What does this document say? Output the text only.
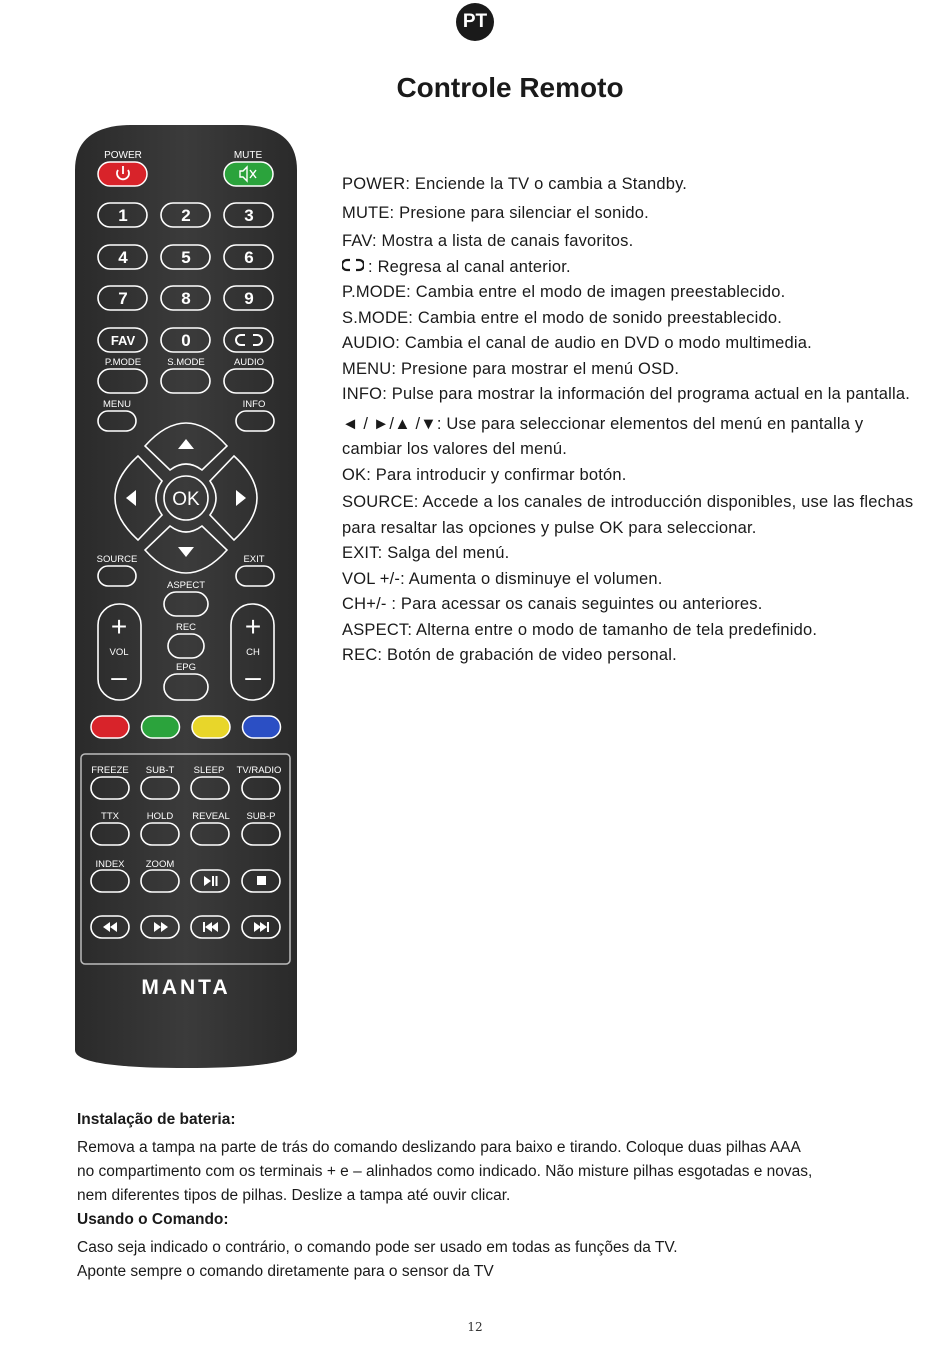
PT
Controle Remoto
POWER	MUTE
1	2	3
4	5	6
7	8	9
FAV	0
P.MODE	S.MODE	AUDIO
MENU	INFO
OK
SOURCE	EXIT
ASPECT
REC
EPG
+	+
–	–
VOL	CH
FREEZE SUB-T SLEEP TV/RADIO
TTX	HOLD REVEAL SUB-P
INDEX ZOOM
MANTA

POWER: Enciende la TV o cambia a Standby.

MUTE: Presione para silenciar el sonido.

FAV: Mostra a lista de canais favoritos.

: Regresa al canal anterior.

P.MODE: Cambia entre el modo de imagen preestablecido.

S.MODE: Cambia entre el modo de sonido preestablecido.

AUDIO: Cambia el canal de audio en DVD o modo multimedia.

MENU: Presione para mostrar el menú OSD.

INFO: Pulse para mostrar la información del programa actual en la pantalla.

◄ / ►/▲ /▼: Use para seleccionar elementos del menú en pantalla y cambiar los valores del menú.

OK: Para introducir y confirmar botón.

SOURCE: Accede a los canales de introducción disponibles, use las flechas para resaltar las opciones y pulse OK para seleccionar.

EXIT: Salga del menú.

VOL +/-: Aumenta o disminuye el volumen.

CH+/- : Para acessar os canais seguintes ou anteriores.

ASPECT: Alterna entre o modo de tamanho de tela predefinido.

REC: Botón de grabación de video personal.

Instalação de bateria:

Remova a tampa na parte de trás do comando deslizando para baixo e tirando. Coloque duas pilhas AAA

no compartimento com os terminais + e – alinhados como indicado. Não misture pilhas esgotadas e novas,

nem diferentes tipos de pilhas. Deslize a tampa até ouvir clicar.

Usando o Comando:

Caso seja indicado o contrário, o comando pode ser usado em todas as funções da TV.

Aponte sempre o comando diretamente para o sensor da TV

12
